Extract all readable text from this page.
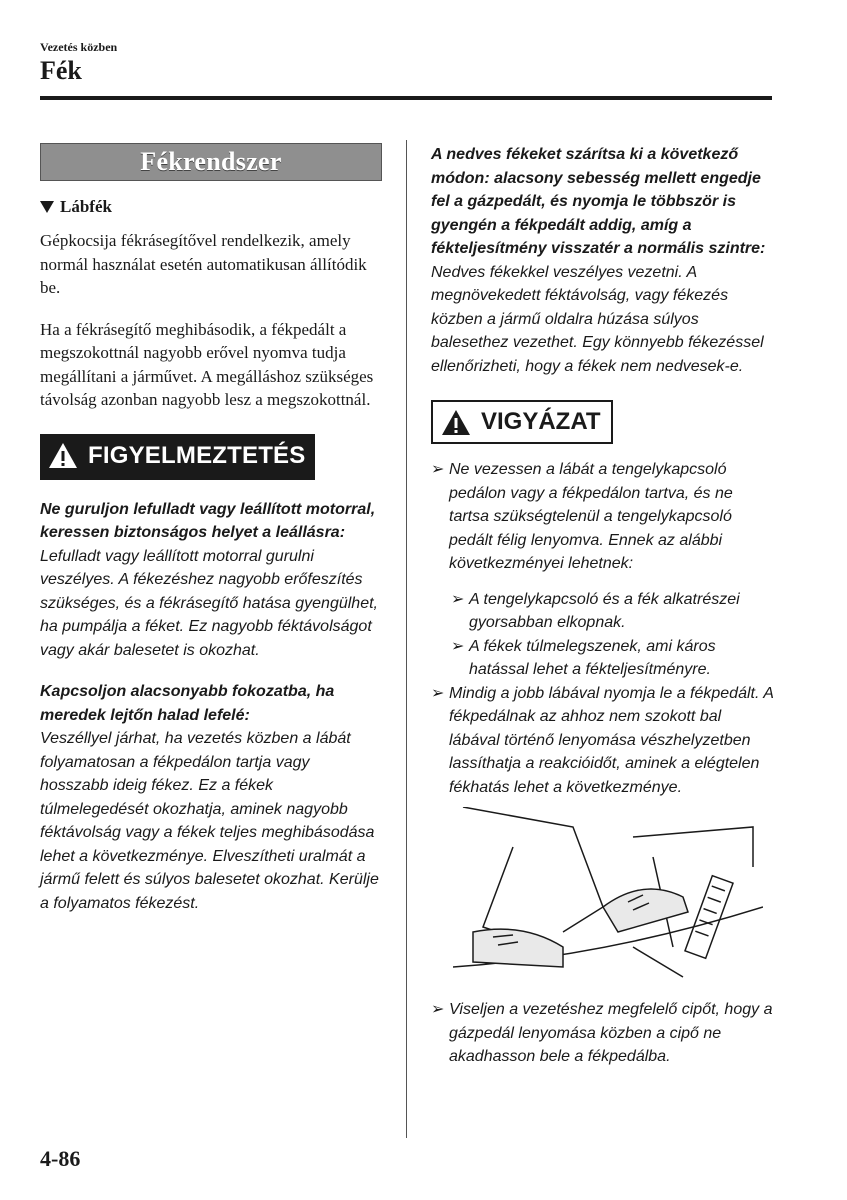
Vezetés közben
Fék
Fékrendszer
Lábfék
Gépkocsija fékrásegítővel rendelkezik, amely normál használat esetén automatikusan állítódik be.
Ha a fékrásegítő meghibásodik, a fékpedált a megszokottnál nagyobb erővel nyomva tudja megállítani a járművet. A megálláshoz szükséges távolság azonban nagyobb lesz a megszokottnál.
FIGYELMEZTETÉS
Ne guruljon lefulladt vagy leállított motorral, keressen biztonságos helyet a leállásra:
Lefulladt vagy leállított motorral gurulni veszélyes. A fékezéshez nagyobb erőfeszítés szükséges, és a fékrásegítő hatása gyengülhet, ha pumpálja a féket. Ez nagyobb féktávolságot vagy akár balesetet is okozhat.
Kapcsoljon alacsonyabb fokozatba, ha meredek lejtőn halad lefelé:
Veszéllyel járhat, ha vezetés közben a lábát folyamatosan a fékpedálon tartja vagy hosszabb ideig fékez. Ez a fékek túlmelegedését okozhatja, aminek nagyobb féktávolság vagy a fékek teljes meghibásodása lehet a következménye. Elveszítheti uralmát a jármű felett és súlyos balesetet okozhat. Kerülje a folyamatos fékezést.
A nedves fékeket szárítsa ki a következő módon: alacsony sebesség mellett engedje fel a gázpedált, és nyomja le többször is gyengén a fékpedált addig, amíg a fékteljesítmény visszatér a normális szintre:
Nedves fékekkel veszélyes vezetni. A megnövekedett féktávolság, vagy fékezés közben a jármű oldalra húzása súlyos balesethez vezethet. Egy könnyebb fékezéssel ellenőrizheti, hogy a fékek nem nedvesek-e.
VIGYÁZAT
➢ Ne vezessen a lábát a tengelykapcsoló pedálon vagy a fékpedálon tartva, és ne tartsa szükségtelenül a tengelykapcsoló pedált félig lenyomva. Ennek az alábbi következményei lehetnek:
➢ A tengelykapcsoló és a fék alkatrészei gyorsabban elkopnak.
➢ A fékek túlmelegszenek, ami káros hatással lehet a fékteljesítményre.
➢ Mindig a jobb lábával nyomja le a fékpedált. A fékpedálnak az ahhoz nem szokott bal lábával történő lenyomása vészhelyzetben lassíthatja a reakcióidőt, aminek a elégtelen fékhatás lehet a következménye.
➢ Viseljen a vezetéshez megfelelő cipőt, hogy a gázpedál lenyomása közben a cipő ne akadhasson bele a fékpedálba.
4-86
